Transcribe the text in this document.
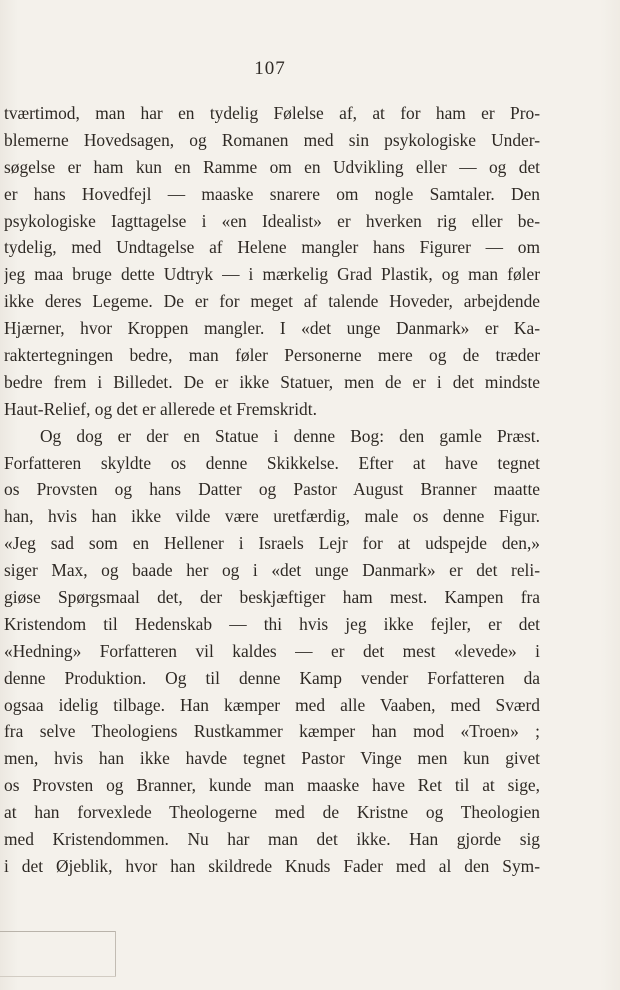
107
tværtimod, man har en tydelig Følelse af, at for ham er Pro-
blemerne Hovedsagen, og Romanen med sin psykologiske Under-
søgelse er ham kun en Ramme om en Udvikling eller — og det
er hans Hovedfejl — maaske snarere om nogle Samtaler. Den
psykologiske Iagttagelse i «en Idealist» er hverken rig eller be-
tydelig, med Undtagelse af Helene mangler hans Figurer — om
jeg maa bruge dette Udtryk — i mærkelig Grad Plastik, og man føler
ikke deres Legeme. De er for meget af talende Hoveder, arbejdende
Hjærner, hvor Kroppen mangler. I «det unge Danmark» er Ka-
raktertegningen bedre, man føler Personerne mere og de træder
bedre frem i Billedet. De er ikke Statuer, men de er i det mindste
Haut-Relief, og det er allerede et Fremskridt.
Og dog er der en Statue i denne Bog: den gamle Præst.
Forfatteren skyldte os denne Skikkelse. Efter at have tegnet
os Provsten og hans Datter og Pastor August Branner maatte
han, hvis han ikke vilde være uretfærdig, male os denne Figur.
«Jeg sad som en Hellener i Israels Lejr for at udspejde den,»
siger Max, og baade her og i «det unge Danmark» er det reli-
giøse Spørgsmaal det, der beskjæftiger ham mest. Kampen fra
Kristendom til Hedenskab — thi hvis jeg ikke fejler, er det
«Hedning» Forfatteren vil kaldes — er det mest «levede» i
denne Produktion. Og til denne Kamp vender Forfatteren da
ogsaa idelig tilbage. Han kæmper med alle Vaaben, med Sværd
fra selve Theologiens Rustkammer kæmper han mod «Troen» ;
men, hvis han ikke havde tegnet Pastor Vinge men kun givet
os Provsten og Branner, kunde man maaske have Ret til at sige,
at han forvexlede Theologerne med de Kristne og Theologien
med Kristendommen. Nu har man det ikke. Han gjorde sig
i det Øjeblik, hvor han skildrede Knuds Fader med al den Sym-
